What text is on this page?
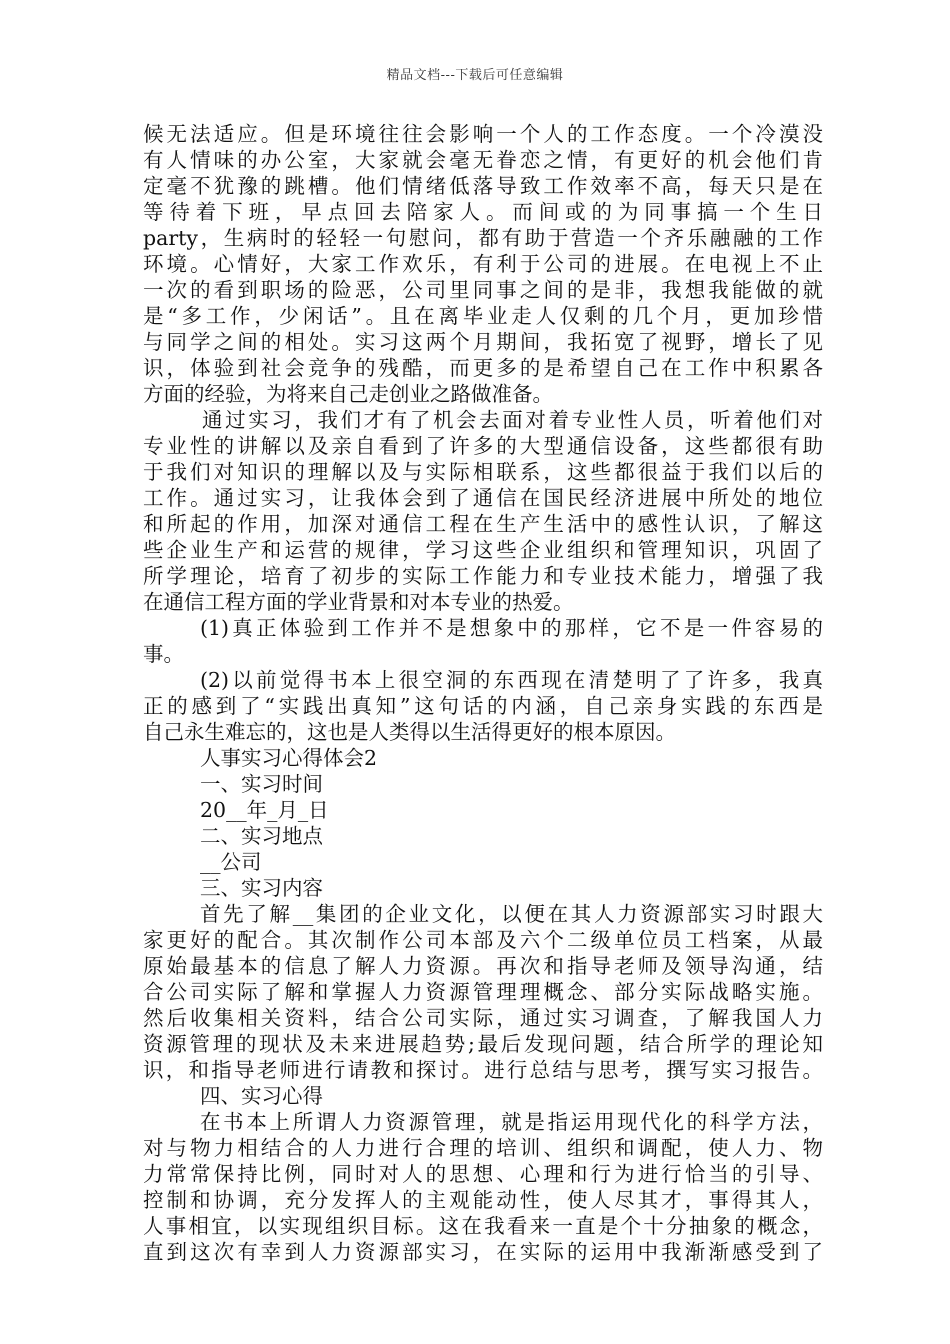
精品文档---下载后可任意编辑
候无法适应。但是环境往往会影响一个人的工作态度。一个冷漠没
有人情味的办公室，大家就会毫无眷恋之情，有更好的机会他们肯
定毫不犹豫的跳槽。他们情绪低落导致工作效率不高，每天只是在
等待着下班，早点回去陪家人。而间或的为同事搞一个生日
party，生病时的轻轻一句慰问，都有助于营造一个齐乐融融的工作
环境。心情好，大家工作欢乐，有利于公司的进展。在电视上不止
一次的看到职场的险恶，公司里同事之间的是非，我想我能做的就
是“多工作，少闲话”。且在离毕业走人仅剩的几个月，更加珍惜
与同学之间的相处。实习这两个月期间，我拓宽了视野，增长了见
识，体验到社会竞争的残酷，而更多的是希望自己在工作中积累各
方面的经验，为将来自己走创业之路做准备。
通过实习，我们才有了机会去面对着专业性人员，听着他们对
专业性的讲解以及亲自看到了许多的大型通信设备，这些都很有助
于我们对知识的理解以及与实际相联系，这些都很益于我们以后的
工作。通过实习，让我体会到了通信在国民经济进展中所处的地位
和所起的作用，加深对通信工程在生产生活中的感性认识，了解这
些企业生产和运营的规律，学习这些企业组织和管理知识，巩固了
所学理论，培育了初步的实际工作能力和专业技术能力，增强了我
在通信工程方面的学业背景和对本专业的热爱。
(1)真正体验到工作并不是想象中的那样，它不是一件容易的
事。
(2)以前觉得书本上很空洞的东西现在清楚明了了许多，我真
正的感到了“实践出真知”这句话的内涵，自己亲身实践的东西是
自己永生难忘的，这也是人类得以生活得更好的根本原因。
人事实习心得体会2
一、实习时间
20__年_月_日
二、实习地点
__公司
三、实习内容
首先了解__集团的企业文化，以便在其人力资源部实习时跟大
家更好的配合。其次制作公司本部及六个二级单位员工档案，从最
原始最基本的信息了解人力资源。再次和指导老师及领导沟通，结
合公司实际了解和掌握人力资源管理理概念、部分实际战略实施。
然后收集相关资料，结合公司实际，通过实习调查，了解我国人力
资源管理的现状及未来进展趋势;最后发现问题，结合所学的理论知
识，和指导老师进行请教和探讨。进行总结与思考，撰写实习报告。
四、实习心得
在书本上所谓人力资源管理，就是指运用现代化的科学方法，
对与物力相结合的人力进行合理的培训、组织和调配，使人力、物
力常常保持比例，同时对人的思想、心理和行为进行恰当的引导、
控制和协调，充分发挥人的主观能动性，使人尽其才，事得其人，
人事相宜，以实现组织目标。这在我看来一直是个十分抽象的概念，
直到这次有幸到人力资源部实习，在实际的运用中我渐渐感受到了
